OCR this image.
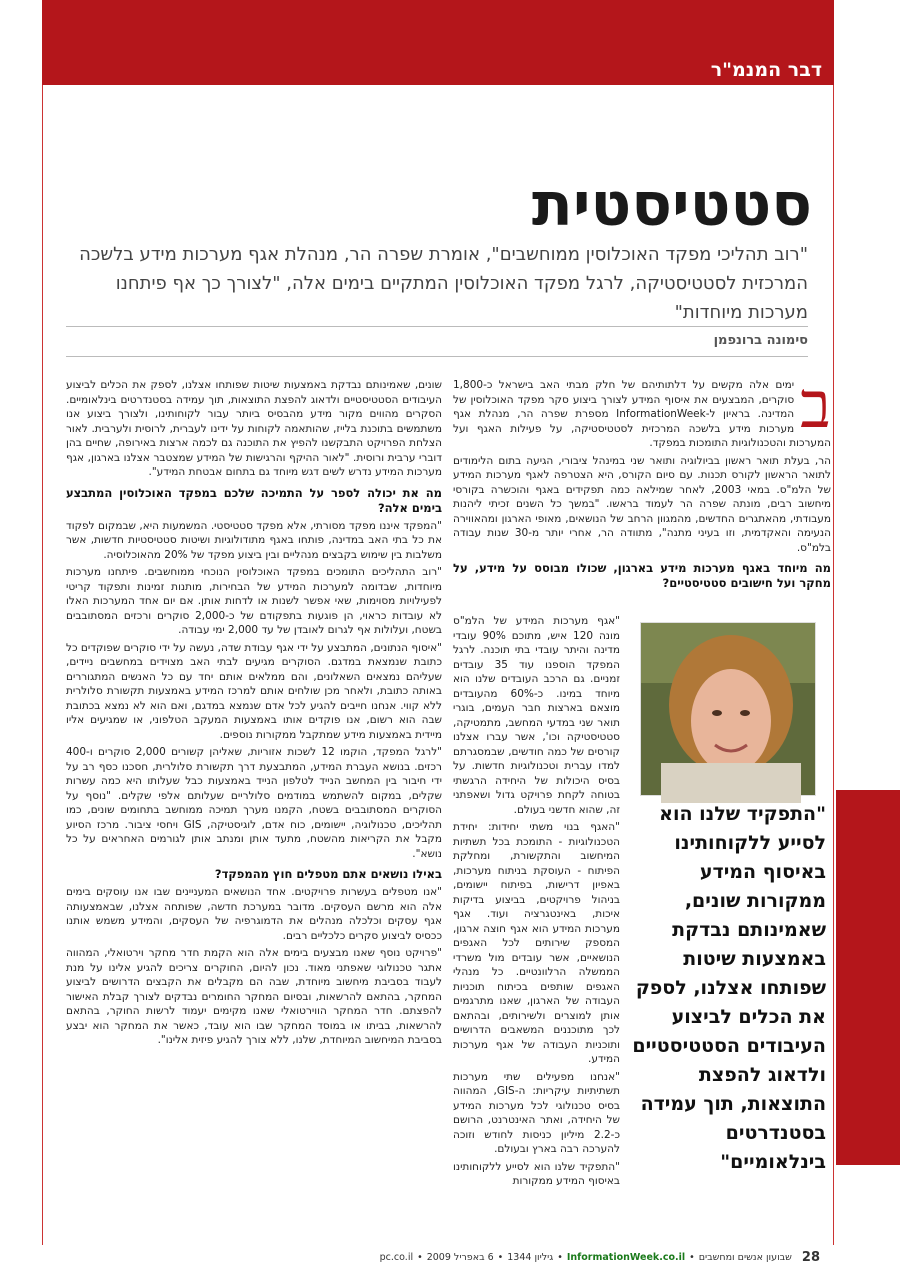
דבר המנמ"ר
סטטיסטית
"רוב תהליכי מפקד האוכלוסין ממוחשבים", אומרת שפרה הר, מנהלת אגף מערכות מידע בלשכה המרכזית לסטטיסטיקה, לרגל מפקד האוכלוסין המתקיים בימים אלה, "לצורך כך אף פיתחנו מערכות מיוחדות"
סימונה ברונפמן
ב

ימים אלה מקשים על דלתותיהם של חלק מבתי האב בישראל כ-1,800 סוקרים, המבצעים את איסוף המידע לצורך ביצוע סקר מפקד האוכלוסין של המדינה. בראיון ל-InformationWeek מספרת שפרה הר, מנהלת אגף מערכות מידע בלשכה המרכזית לסטטיסטיקה, על פעילות האגף ועל המערכות והטכנולוגיות התומכות במפקד.

הר, בעלת תואר ראשון בביולוגיה ותואר שני במינהל ציבורי, הגיעה בתום הלימודים לתואר הראשון לקורס תכנות. עם סיום הקורס, היא הצטרפה לאגף מערכות המידע של הלמ"ס. במאי 2003, לאחר שמילאה כמה תפקידים באגף והוכשרה בקורסי מיחשוב רבים, מונתה שפרה הר לעמוד בראשו. "במשך כל השנים זכיתי ליהנות מעבודתי, מהאתגרים החדשים, מהמגוון הרחב של הנושאים, מאופי הארגון ומהאווירה הנעימה והאקדמית, וזו בעיני מתנה", מתוודה הר, אחרי יותר מ-30 שנות עבודה בלמ"ס.

מה מיוחד באגף מערכות מידע בארגון, שכולו מבוסס על מידע, על מחקר ועל חישובים סטטיסטיים?

"אגף מערכות המידע של הלמ"ס מונה 120 איש, מתוכם 90% עובדי מדינה והיתר עובדי בתי תוכנה. לרגל המפקד הוספנו עוד 35 עובדים זמניים. גם הרכב העובדים שלנו הוא מיוחד במינו. כ-60% מהעובדים מוצאם בארצות חבר העמים, בוגרי תואר שני במדעי המחשב, מתמטיקה, סטטיסטיקה וכו', אשר עברו אצלנו קורסים של כמה חודשים, שבמסגרתם למדו עברית וטכנולוגיות חדשות. על בסיס היכולות של היחידה הרגשתי בטוחה לקחת פרויקט גדול ושאפתני זה, שהוא חדשני בעולם.

"האגף בנוי משתי יחידות: יחידת הטכנולוגיות - התומכת בכל תשתיות המיחשוב והתקשורת, ומחלקת הפיתוח - העוסקת בניתוח מערכות, באפיון דרישות, בפיתוח יישומים, בניהול פרויקטים, בביצוע בדיקות איכות, באינטגרציה ועוד. אגף מערכות המידע הוא אגף חוצה ארגון, המספק שירותים לכל האגפים הנושאיים, אשר עובדים מול משרדי הממשלה הרלוונטיים. כל מנהלי האגפים שותפים בכיתוח תוכניות העבודה של הארגון, שאנו מתרגמים אותן למוצרים ולשירותים, ובהתאם לכך מתוכננים המשאבים הדרושים ותוכניות העבודה של אגף מערכות המידע.

"אנחנו מפעילים שתי מערכות תשתיתיות עיקריות: ה-GIS, המהווה בסיס טכנולוגי לכל מערכות המידע של היחידה, ואתר האינטרנט, הרושם כ-2.2 מיליון כניסות לחודש וזוכה להערכה רבה בארץ ובעולם.

"התפקיד שלנו הוא לסייע ללקוחותינו באיסוף המידע ממקורות

"התפקיד שלנו הוא לסייע ללקוחותינו באיסוף המידע ממקורות שונים, שאמינותם נבדקת באמצעות שיטות שפותחו אצלנו, לספק את הכלים לביצוע העיבודים הסטטיסטיים ולדאוג להפצת התוצאות, תוך עמידה בסטנדרטים בינלאומיים"

שונים, שאמינותם נבדקת באמצעות שיטות שפותחו אצלנו, לספק את הכלים לביצוע העיבודים הסטטיסטיים ולדאוג להפצת התוצאות, תוך עמידה בסטנדרטים בינלאומיים. הסקרים מהווים מקור מידע מהבסיס ביותר עבור לקוחותינו, ולצורך ביצוע אנו משתמשים בתוכנת בלייז, שהותאמה לקוחות על ידינו לעברית, לרוסית ולערבית. לאור הצלחת הפרויקט התבקשנו להפיץ את התוכנה גם לכמה ארצות באירופה, שחיים בהן דוברי ערבית ורוסית. "לאור ההיקף והרגישות של המידע שמצטבר אצלנו בארגון, אגף מערכות המידע נדרש לשים דגש מיוחד גם בתחום אבטחת המידע".

מה את יכולה לספר על התמיכה שלכם במפקד האוכלוסין המתבצע בימים אלה?

"המפקד איננו מפקד מסורתי, אלא מפקד סטטיסטי. המשמעות היא, שבמקום לפקוד את כל בתי האב במדינה, פותחו באגף מתודולוגיות ושיטות סטטיסטיות חדשות, אשר משלבות בין שימוש בקבצים מנהליים ובין ביצוע מפקד של 20% מהאוכלוסיה.

"רוב התהליכים התומכים במפקד האוכלוסין הנוכחי ממוחשבים. פיתחנו מערכות מיוחדות, שבדומה למערכות המידע של הבחירות, מותנות זמינות ותפקוד קריטי לפעילויות מסוימות, שאי אפשר לשנות או לדחות אותן. אם יום אחד המערכות האלו לא עובדות כראוי, הן פוגעות בתפקודם של כ-2,000 סוקרים ורכזים המסתובבים בשטח, ועלולות אף לגרום לאובדן של עד 2,000 ימי עבודה.

"איסוף הנתונים, המתבצע על ידי אגף עבודת שדה, נעשה על ידי סוקרים שפוקדים כל כתובת שנמצאת במדגם. הסוקרים מגיעים לבתי האב מצוידים במחשבים ניידים, שעליהם נמצאים השאלונים, והם ממלאים אותם יחד עם כל האנשים המתגוררים באותה כתובת, ולאחר מכן שולחים אותם למרכז המידע באמצעות תקשורת סלולרית ללא קווי. אנחנו חייבים להגיע לכל אדם שנמצא במדגם, ואם הוא לא נמצא בכתובת שבה הוא רשום, אנו פוקדים אותו באמצעות המעקב הטלפוני, או שמגיעים אליו מיידית באמצעות מידע שמתקבל ממקורות נוספים.

"לרגל המפקד, הוקמו 12 לשכות אזוריות, שאליהן קשורים 2,000 סוקרים ו-400 רכזים. בנושא העברת המידע, המתבצעת דרך תקשורת סלולרית, חסכנו כסף רב על ידי חיבור בין המחשב הנייד לטלפון הנייד באמצעות כבל שעלותו היא כמה עשרות שקלים, במקום להשתמש במודמים סלולריים שעלותם אלפי שקלים. "נוסף על הסוקרים המסתובבים בשטח, הקמנו מערך תמיכה ממוחשב בתחומים שונים, כמו תהליכים, טכנולוגיה, יישומים, כוח אדם, לוגיסטיקה, GIS ויחסי ציבור. מרכז הסיוע מקבל את הקריאות מהשטח, מתעד אותן ומנתב אותן לגורמים האחראים על כל נושא".

באילו נושאים אתם מטפלים חוץ מהמפקד?

"אנו מטפלים בעשרות פרויקטים. אחד הנושאים המעניינים שבו אנו עוסקים בימים אלה הוא מרשם העסקים. מדובר במערכת חדשה, שפותחה אצלנו, שבאמצעותה אגף עסקים וכלכלה מנהלים את הדמוגרפיה של העסקים, והמידע משמש אותנו ככסיס לביצוע סקרים כלכליים רבים.

"פרויקט נוסף שאנו מבצעים בימים אלה הוא הקמת חדר מחקר וירטואלי, המהווה אתגר טכנולוגי שאפתני מאוד. נכון להיום, החוקרים צריכים להגיע אלינו על מנת לעבוד בסביבת מיחשוב מיוחדת, שבה הם מקבלים את הקבצים הדרושים לביצוע המחקר, בהתאם להרשאות, ובסיום המחקר החומרים נבדקים לצורך קבלת האישור להפצתם. חדר המחקר הווירטואלי שאנו מקימים יעמוד לרשות החוקר, בהתאם להרשאות, בביתו או במוסד המחקר שבו הוא עובד, כאשר את המחקר הוא יבצע בסביבת המיחשוב המיוחדת, שלנו, ללא צורך להגיע פיזית אלינו".

28
שבועון אנשים ומחשבים
•
InformationWeek.co.il
•
גיליון 1344
•
6 באפריל 2009
•
pc.co.il
